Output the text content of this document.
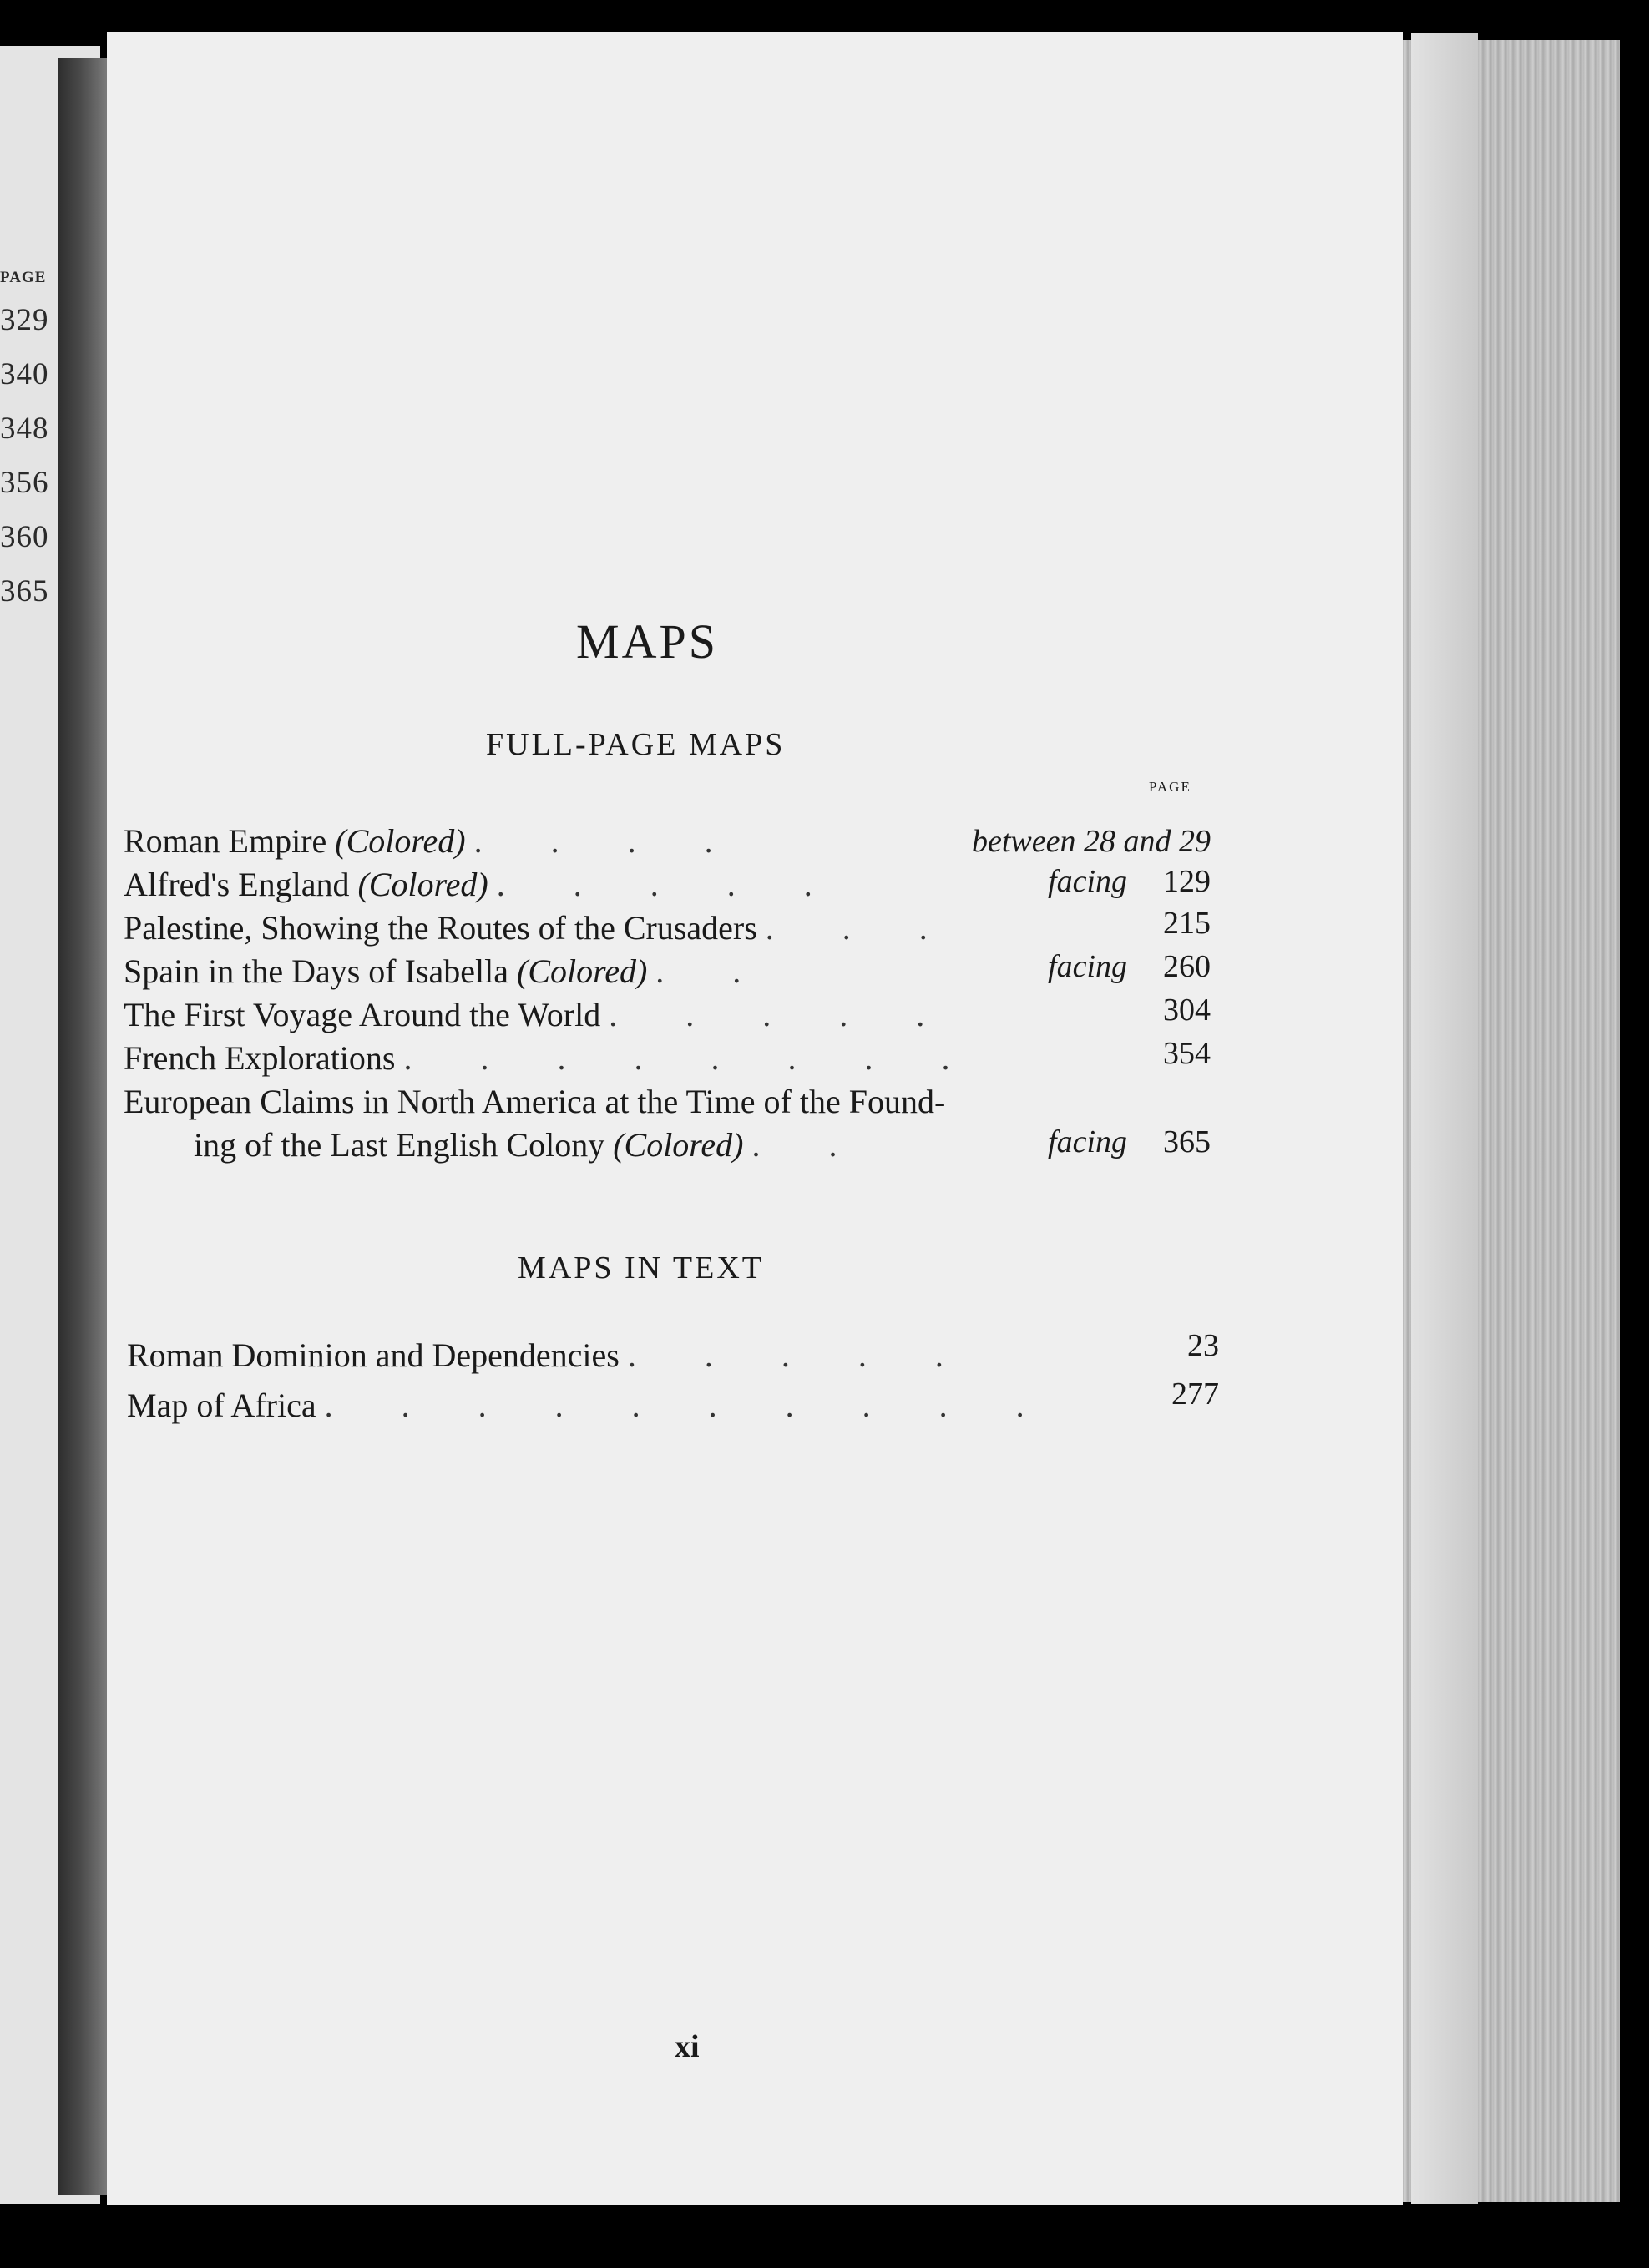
PAGE
329
340
348
356
360
365
MAPS
FULL-PAGE MAPS
PAGE
Roman Empire (Colored) . . . .	between 28 and 29
Alfred's England (Colored) . . . . .	facing	129
Palestine, Showing the Routes of the Crusaders . . .	215
Spain in the Days of Isabella (Colored) . .	facing	260
The First Voyage Around the World . . . . .	304
French Explorations . . . . . . . .	354
European Claims in North America at the Time of the Found-
ing of the Last English Colony (Colored) . .	facing	365
MAPS IN TEXT
Roman Dominion and Dependencies . . . . .	23
Map of Africa . . . . . . . . . .	277
xi
